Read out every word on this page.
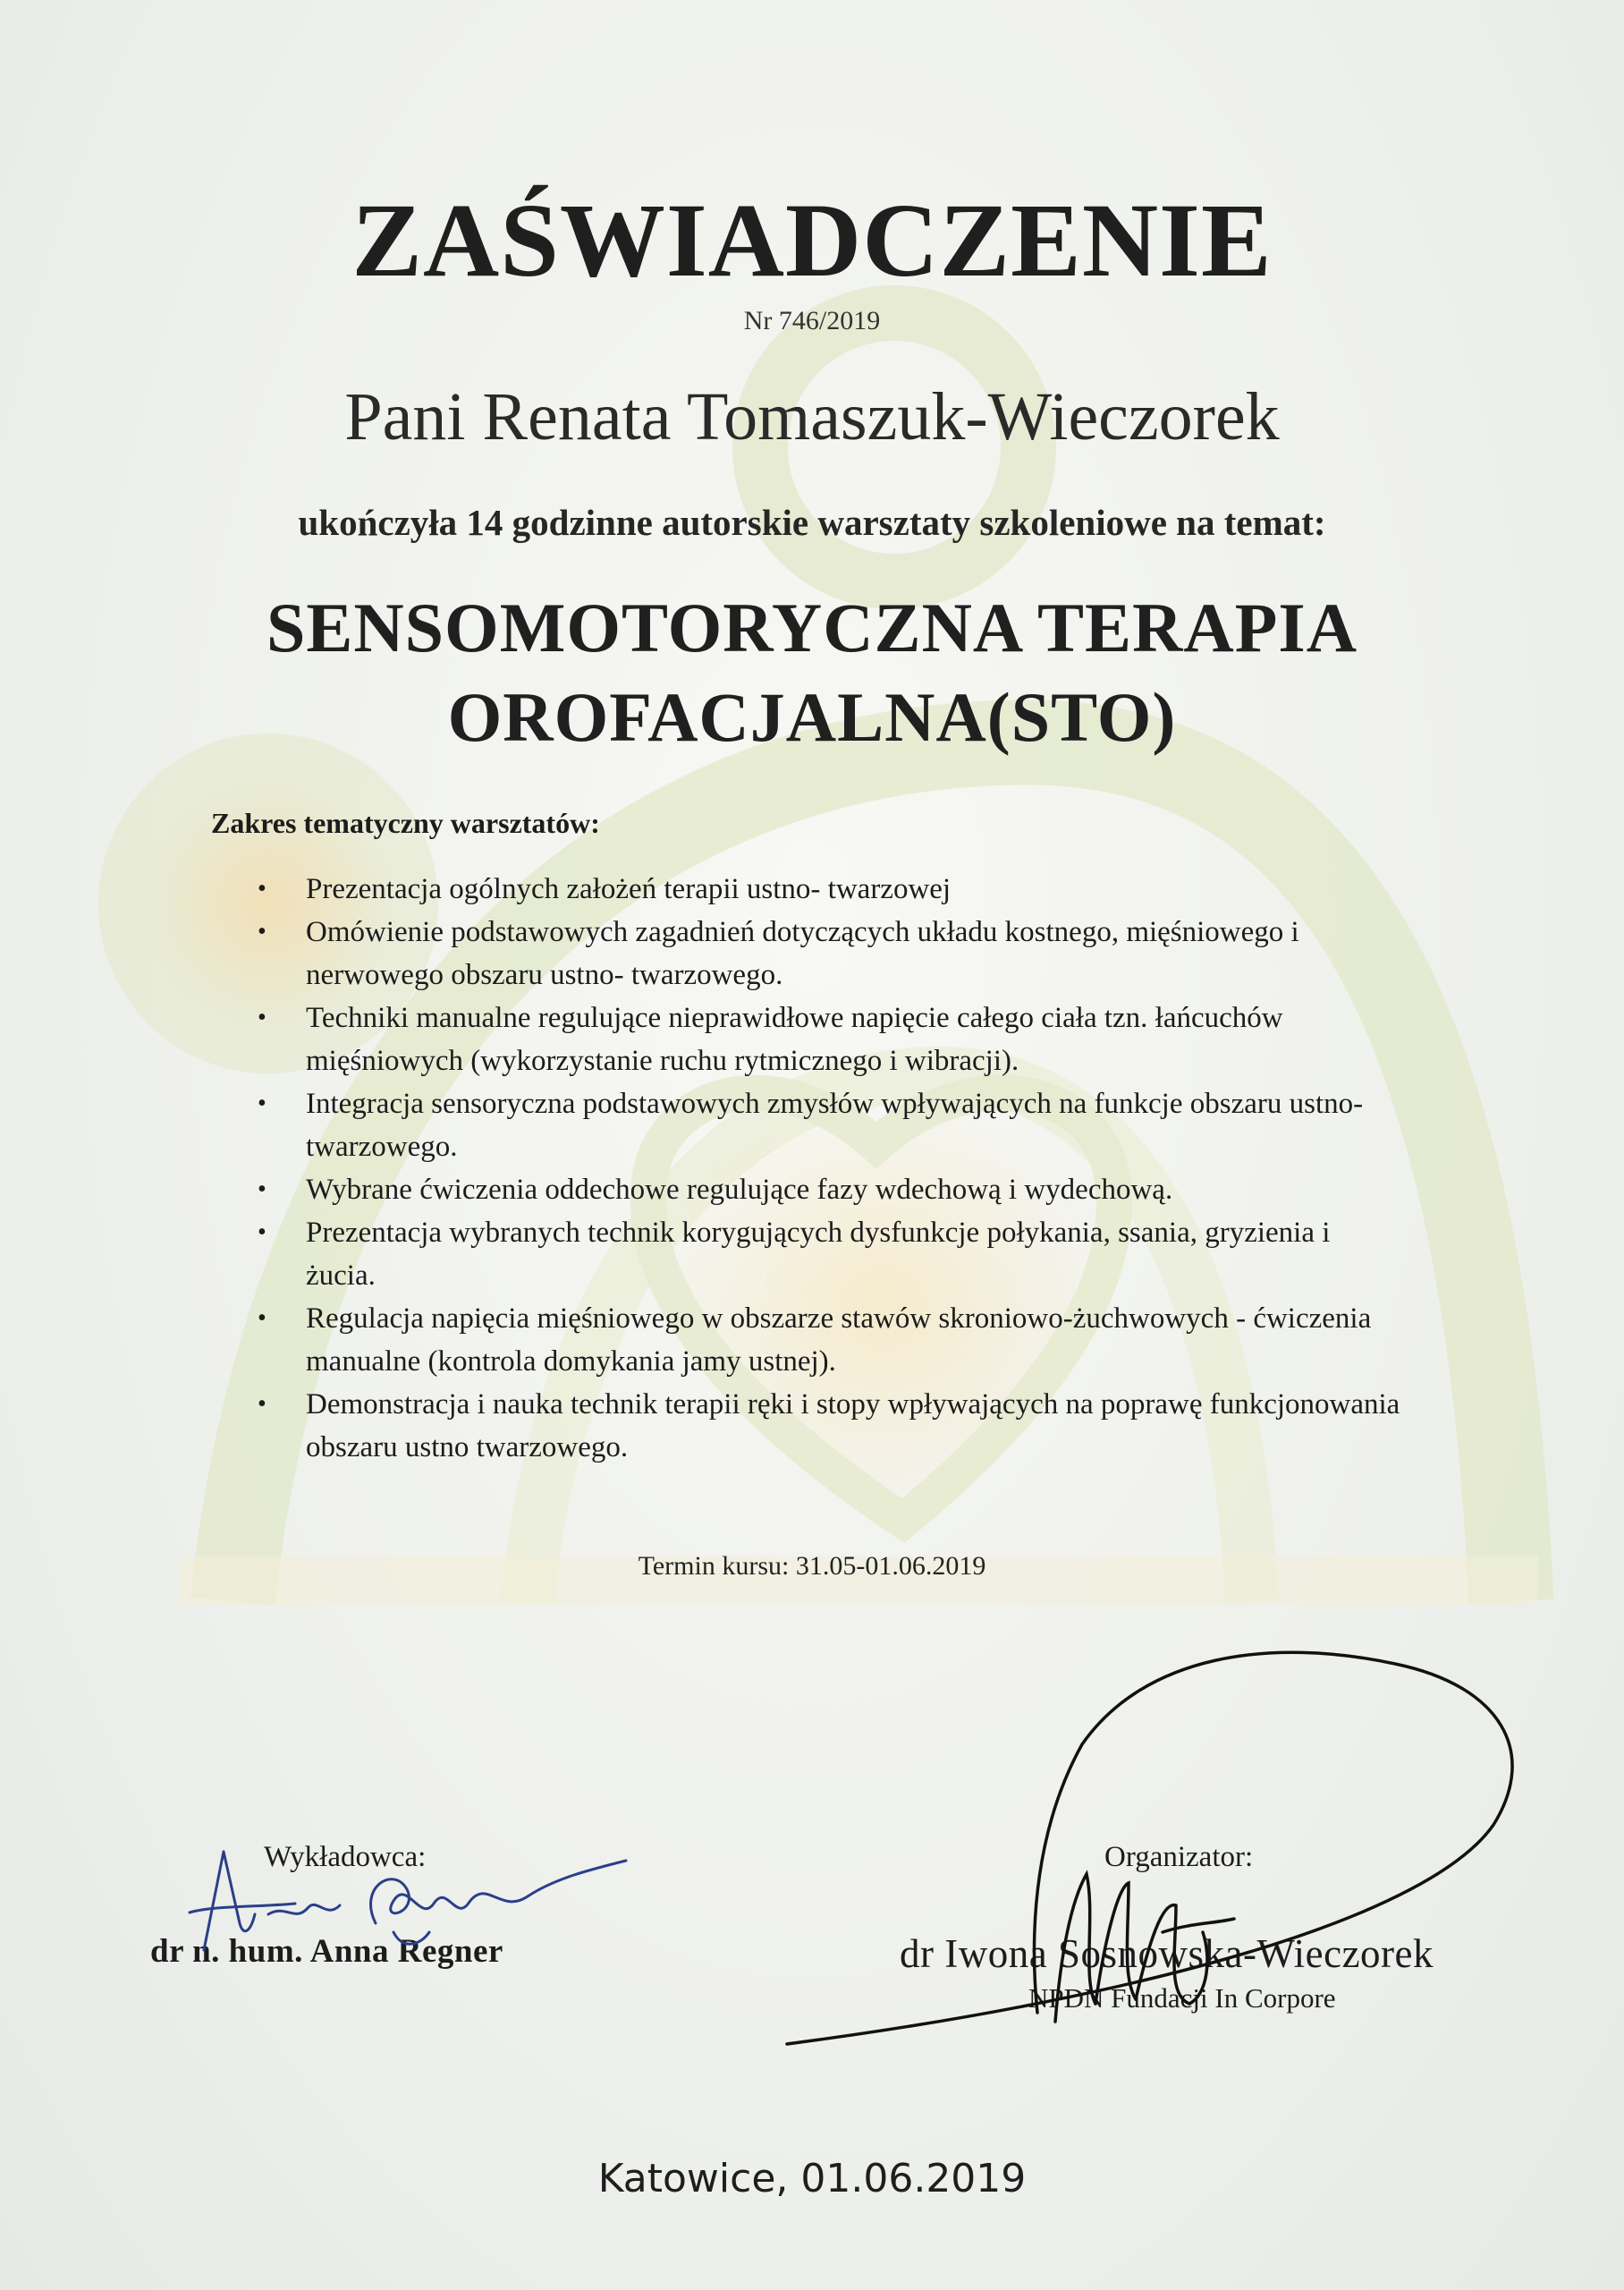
ZAŚWIADCZENIE
Nr 746/2019
Pani Renata Tomaszuk-Wieczorek
ukończyła 14 godzinne autorskie warsztaty szkoleniowe na temat:
SENSOMOTORYCZNA TERAPIA
OROFACJALNA(STO)
Zakres tematyczny warsztatów:
• Prezentacja ogólnych założeń terapii ustno- twarzowej
• Omówienie podstawowych zagadnień dotyczących układu kostnego, mięśniowego i
nerwowego obszaru ustno- twarzowego.
• Techniki manualne regulujące nieprawidłowe napięcie całego ciała tzn. łańcuchów
mięśniowych (wykorzystanie ruchu rytmicznego i wibracji).
• Integracja sensoryczna podstawowych zmysłów wpływających na funkcje obszaru ustno-
twarzowego.
• Wybrane ćwiczenia oddechowe regulujące fazy wdechową i wydechową.
• Prezentacja wybranych technik korygujących dysfunkcje połykania, ssania, gryzienia i
żucia.
• Regulacja napięcia mięśniowego w obszarze stawów skroniowo-żuchwowych - ćwiczenia
manualne (kontrola domykania jamy ustnej).
• Demonstracja i nauka technik terapii ręki i stopy wpływających na poprawę funkcjonowania
obszaru ustno twarzowego.
Termin kursu: 31.05-01.06.2019
Wykładowca:
dr n. hum. Anna Regner
Organizator:
dr Iwona Sosnowska-Wieczorek
NPDN Fundacji In Corpore
Katowice, 01.06.2019
